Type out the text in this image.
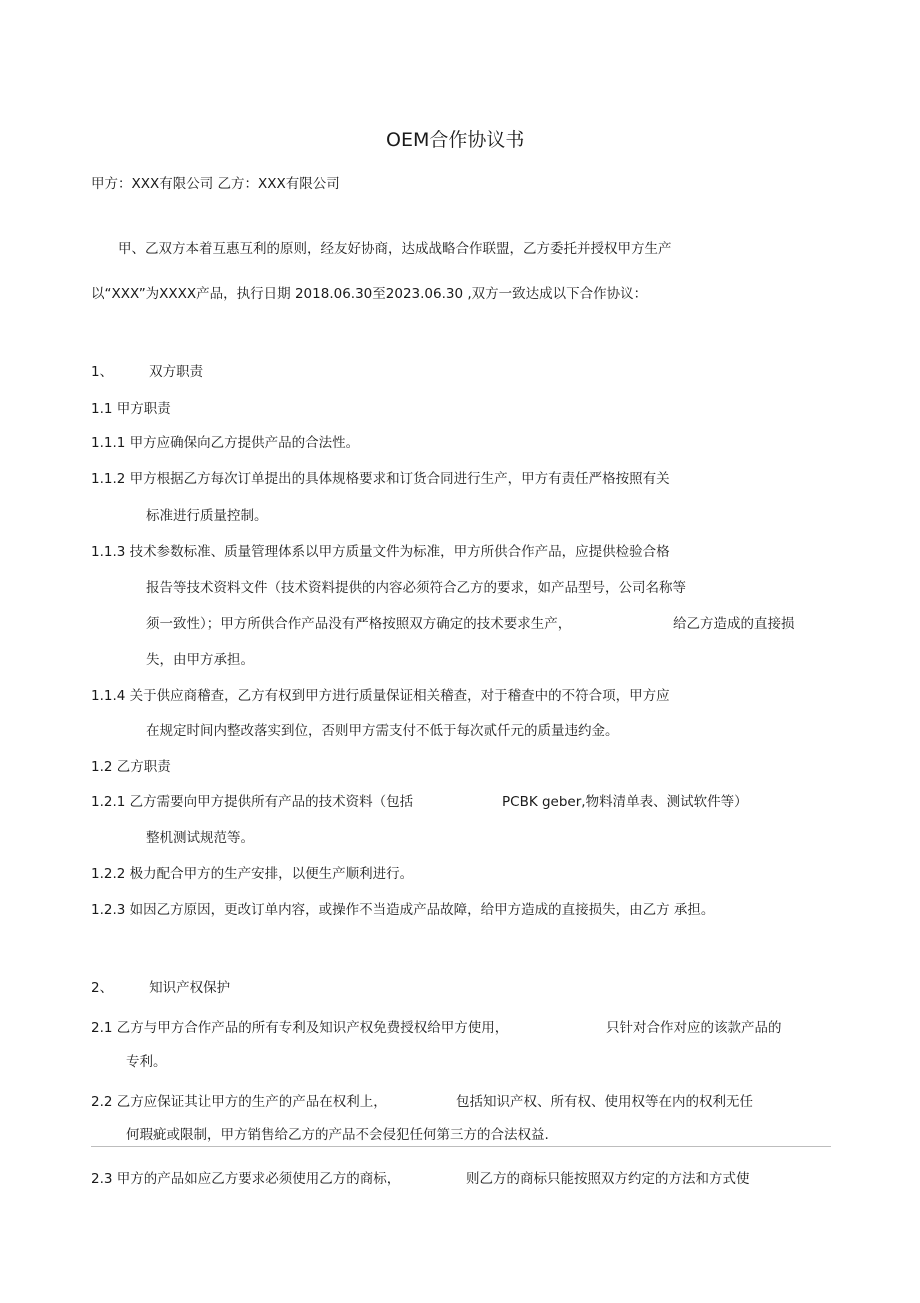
OEM合作协议书
甲方：XXX有限公司 乙方：XXX有限公司
甲、乙双方本着互惠互利的原则，经友好协商，达成战略合作联盟，乙方委托并授权甲方生产
以“XXX”为XXXX产品，执行日期 2018.06.30至2023.06.30 ,双方一致达成以下合作协议：
1、	双方职责
1.1 甲方职责
1.1.1 甲方应确保向乙方提供产品的合法性。
1.1.2 甲方根据乙方每次订单提出的具体规格要求和订货合同进行生产，甲方有责任严格按照有关
标准进行质量控制。
1.1.3 技术参数标准、质量管理体系以甲方质量文件为标准，甲方所供合作产品，应提供检验合格
报告等技术资料文件（技术资料提供的内容必须符合乙方的要求，如产品型号，公司名称等
须一致性）；甲方所供合作产品没有严格按照双方确定的技术要求生产，	给乙方造成的直接损
失，由甲方承担。
1.1.4 关于供应商稽查，乙方有权到甲方进行质量保证相关稽查，对于稽查中的不符合项，甲方应
在规定时间内整改落实到位，否则甲方需支付不低于每次贰仟元的质量违约金。
1.2 乙方职责
1.2.1 乙方需要向甲方提供所有产品的技术资料（包括	PCBK geber,物料清单表、测试软件等）
整机测试规范等。
1.2.2 极力配合甲方的生产安排，以便生产顺利进行。
1.2.3 如因乙方原因，更改订单内容，或操作不当造成产品故障，给甲方造成的直接损失，由乙方 承担。
2、	知识产权保护
2.1 乙方与甲方合作产品的所有专利及知识产权免费授权给甲方使用，	只针对合作对应的该款产品的
专利。
2.2 乙方应保证其让甲方的生产的产品在权利上，	包括知识产权、所有权、使用权等在内的权利无任
何瑕疵或限制，甲方销售给乙方的产品不会侵犯任何第三方的合法权益.
2.3 甲方的产品如应乙方要求必须使用乙方的商标，	则乙方的商标只能按照双方约定的方法和方式使
